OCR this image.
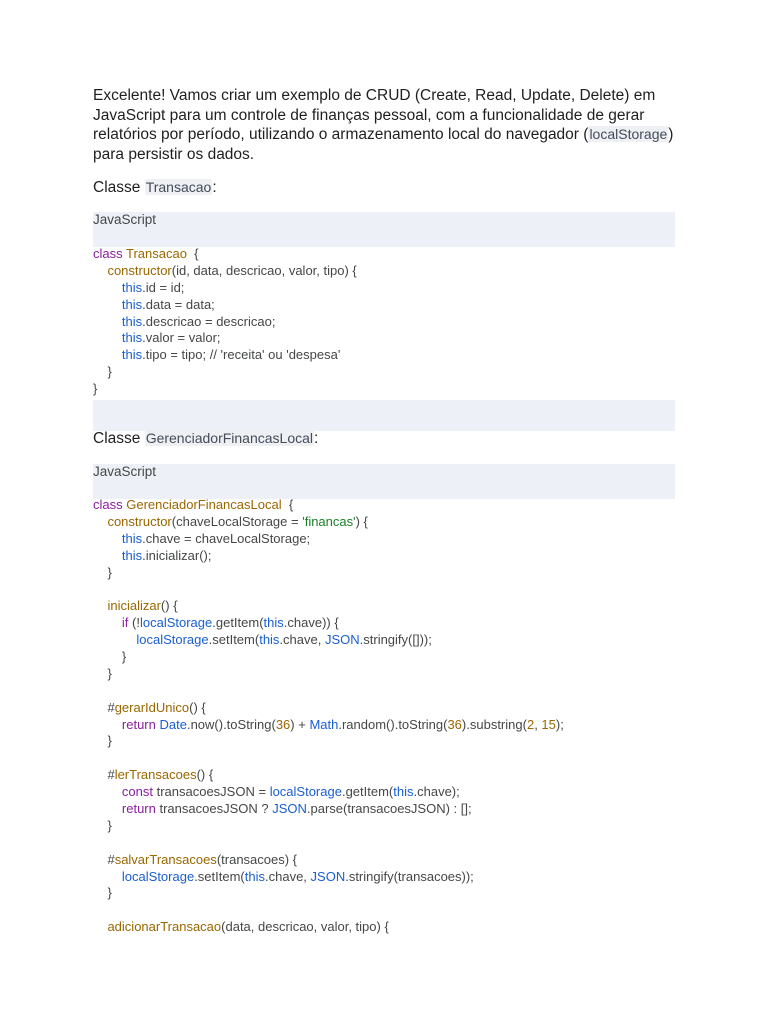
Excelente! Vamos criar um exemplo de CRUD (Create, Read, Update, Delete) em JavaScript para um controle de finanças pessoal, com a funcionalidade de gerar relatórios por período, utilizando o armazenamento local do navegador (localStorage) para persistir os dados.
Classe Transacao:
JavaScript
class Transacao  {
constructor(id, data, descricao, valor, tipo) {
this.id = id;
this.data = data;
this.descricao = descricao;
this.valor = valor;
this.tipo = tipo; // 'receita' ou 'despesa'
}
}
Classe GerenciadorFinancasLocal:
JavaScript
class GerenciadorFinancasLocal  {
constructor(chaveLocalStorage = 'financas') {
this.chave = chaveLocalStorage;
this.inicializar();
}

inicializar() {
if (!localStorage.getItem(this.chave)) {
localStorage.setItem(this.chave, JSON.stringify([]));
}
}

#gerarIdUnico() {
return Date.now().toString(36) + Math.random().toString(36).substring(2, 15);
}

#lerTransacoes() {
const transacoesJSON = localStorage.getItem(this.chave);
return transacoesJSON ? JSON.parse(transacoesJSON) : [];
}

#salvarTransacoes(transacoes) {
localStorage.setItem(this.chave, JSON.stringify(transacoes));
}

adicionarTransacao(data, descricao, valor, tipo) {
